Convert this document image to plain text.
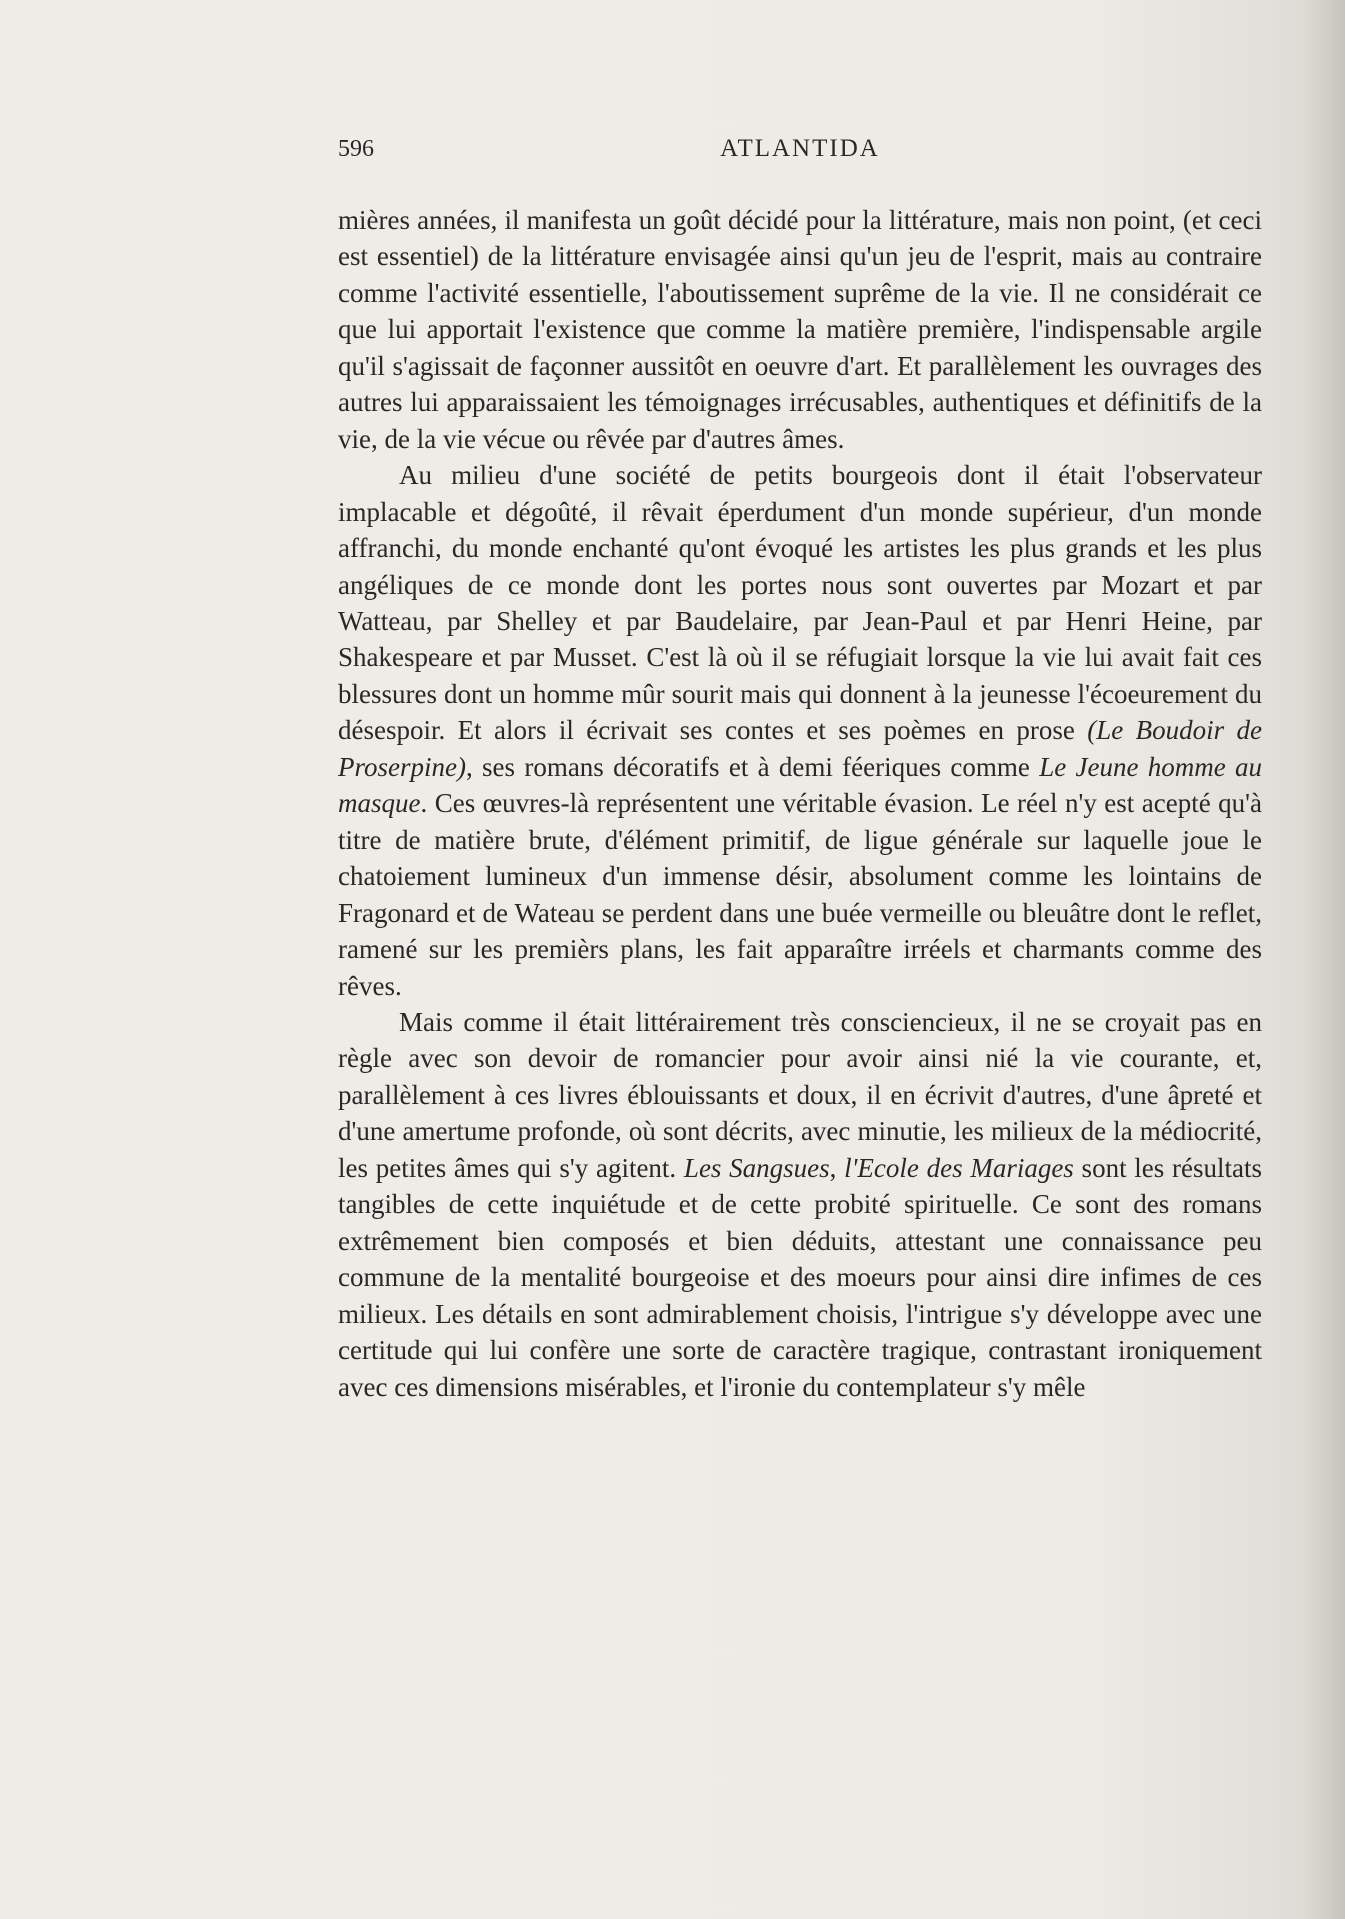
596	ATLANTIDA

mières années, il manifesta un goût décidé pour la littérature, mais non point, (et ceci est essentiel) de la littérature envisagée ainsi qu'un jeu de l'esprit, mais au contraire comme l'activité essentielle, l'aboutissement suprême de la vie. Il ne considérait ce que lui apportait l'existence que comme la matière première, l'indispensable argile qu'il s'agissait de façonner aussitôt en oeuvre d'art. Et parallèlement les ouvrages des autres lui apparaissaient les témoignages irrécusables, authentiques et définitifs de la vie, de la vie vécue ou rêvée par d'autres âmes.

Au milieu d'une société de petits bourgeois dont il était l'observateur implacable et dégoûté, il rêvait éperdument d'un monde supérieur, d'un monde affranchi, du monde enchanté qu'ont évoqué les artistes les plus grands et les plus angéliques de ce monde dont les portes nous sont ouvertes par Mozart et par Watteau, par Shelley et par Baudelaire, par Jean-Paul et par Henri Heine, par Shakespeare et par Musset. C'est là où il se réfugiait lorsque la vie lui avait fait ces blessures dont un homme mûr sourit mais qui donnent à la jeunesse l'écoeurement du désespoir. Et alors il écrivait ses contes et ses poèmes en prose (Le Boudoir de Proserpine), ses romans décoratifs et à demi féeriques comme Le Jeune homme au masque. Ces œuvres-là représentent une véritable évasion. Le réel n'y est acepté qu'à titre de matière brute, d'élément primitif, de ligue générale sur laquelle joue le chatoiement lumineux d'un immense désir, absolument comme les lointains de Fragonard et de Wateau se perdent dans une buée vermeille ou bleuâtre dont le reflet, ramené sur les premièrs plans, les fait apparaître irréels et charmants comme des rêves.

Mais comme il était littérairement très consciencieux, il ne se croyait pas en règle avec son devoir de romancier pour avoir ainsi nié la vie courante, et, parallèlement à ces livres éblouissants et doux, il en écrivit d'autres, d'une âpreté et d'une amertume profonde, où sont décrits, avec minutie, les milieux de la médiocrité, les petites âmes qui s'y agitent. Les Sangsues, l'Ecole des Mariages sont les résultats tangibles de cette inquiétude et de cette probité spirituelle. Ce sont des romans extrêmement bien composés et bien déduits, attestant une connaissance peu commune de la mentalité bourgeoise et des moeurs pour ainsi dire infimes de ces milieux. Les détails en sont admirablement choisis, l'intrigue s'y développe avec une certitude qui lui confère une sorte de caractère tragique, contrastant ironiquement avec ces dimensions misérables, et l'ironie du contemplateur s'y mêle
